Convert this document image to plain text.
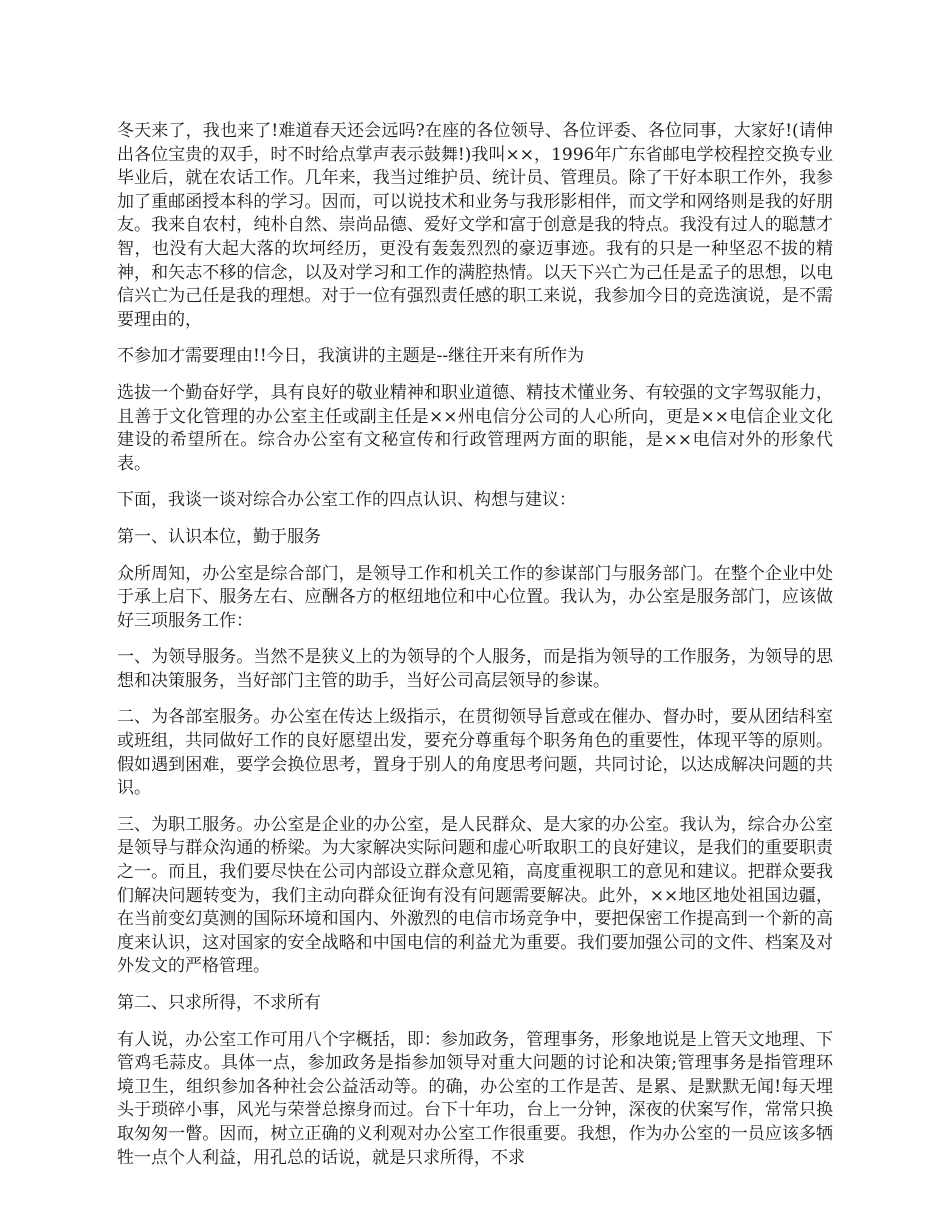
冬天来了，我也来了!难道春天还会远吗?在座的各位领导、各位评委、各位同事，大家好!(请伸出各位宝贵的双手，时不时给点掌声表示鼓舞!)我叫××，1996年广东省邮电学校程控交换专业毕业后，就在农话工作。几年来，我当过维护员、统计员、管理员。除了干好本职工作外，我参加了重邮函授本科的学习。因而，可以说技术和业务与我形影相伴，而文学和网络则是我的好朋友。我来自农村，纯朴自然、崇尚品德、爱好文学和富于创意是我的特点。我没有过人的聪慧才智，也没有大起大落的坎坷经历，更没有轰轰烈烈的豪迈事迹。我有的只是一种坚忍不拔的精神，和矢志不移的信念，以及对学习和工作的满腔热情。以天下兴亡为己任是孟子的思想，以电信兴亡为己任是我的理想。对于一位有强烈责任感的职工来说，我参加今日的竞选演说，是不需要理由的，

不参加才需要理由!!今日，我演讲的主题是--继往开来有所作为

选拔一个勤奋好学，具有良好的敬业精神和职业道德、精技术懂业务、有较强的文字驾驭能力，且善于文化管理的办公室主任或副主任是××州电信分公司的人心所向，更是××电信企业文化建设的希望所在。综合办公室有文秘宣传和行政管理两方面的职能，是××电信对外的形象代表。

下面，我谈一谈对综合办公室工作的四点认识、构想与建议：

第一、认识本位，勤于服务

众所周知，办公室是综合部门，是领导工作和机关工作的参谋部门与服务部门。在整个企业中处于承上启下、服务左右、应酬各方的枢纽地位和中心位置。我认为，办公室是服务部门，应该做好三项服务工作：

一、为领导服务。当然不是狭义上的为领导的个人服务，而是指为领导的工作服务，为领导的思想和决策服务，当好部门主管的助手，当好公司高层领导的参谋。

二、为各部室服务。办公室在传达上级指示，在贯彻领导旨意或在催办、督办时，要从团结科室或班组，共同做好工作的良好愿望出发，要充分尊重每个职务角色的重要性，体现平等的原则。假如遇到困难，要学会换位思考，置身于别人的角度思考问题，共同讨论，以达成解决问题的共识。

三、为职工服务。办公室是企业的办公室，是人民群众、是大家的办公室。我认为，综合办公室是领导与群众沟通的桥梁。为大家解决实际问题和虚心听取职工的良好建议，是我们的重要职责之一。而且，我们要尽快在公司内部设立群众意见箱，高度重视职工的意见和建议。把群众要我们解决问题转变为，我们主动向群众征询有没有问题需要解决。此外，××地区地处祖国边疆，在当前变幻莫测的国际环境和国内、外激烈的电信市场竞争中，要把保密工作提高到一个新的高度来认识，这对国家的安全战略和中国电信的利益尤为重要。我们要加强公司的文件、档案及对外发文的严格管理。

第二、只求所得，不求所有

有人说，办公室工作可用八个字概括，即：参加政务，管理事务，形象地说是上管天文地理、下管鸡毛蒜皮。具体一点，参加政务是指参加领导对重大问题的讨论和决策;管理事务是指管理环境卫生，组织参加各种社会公益活动等。的确，办公室的工作是苦、是累、是默默无闻!每天埋头于琐碎小事，风光与荣誉总擦身而过。台下十年功，台上一分钟，深夜的伏案写作，常常只换取匆匆一瞥。因而，树立正确的义利观对办公室工作很重要。我想，作为办公室的一员应该多牺牲一点个人利益，用孔总的话说，就是只求所得，不求
